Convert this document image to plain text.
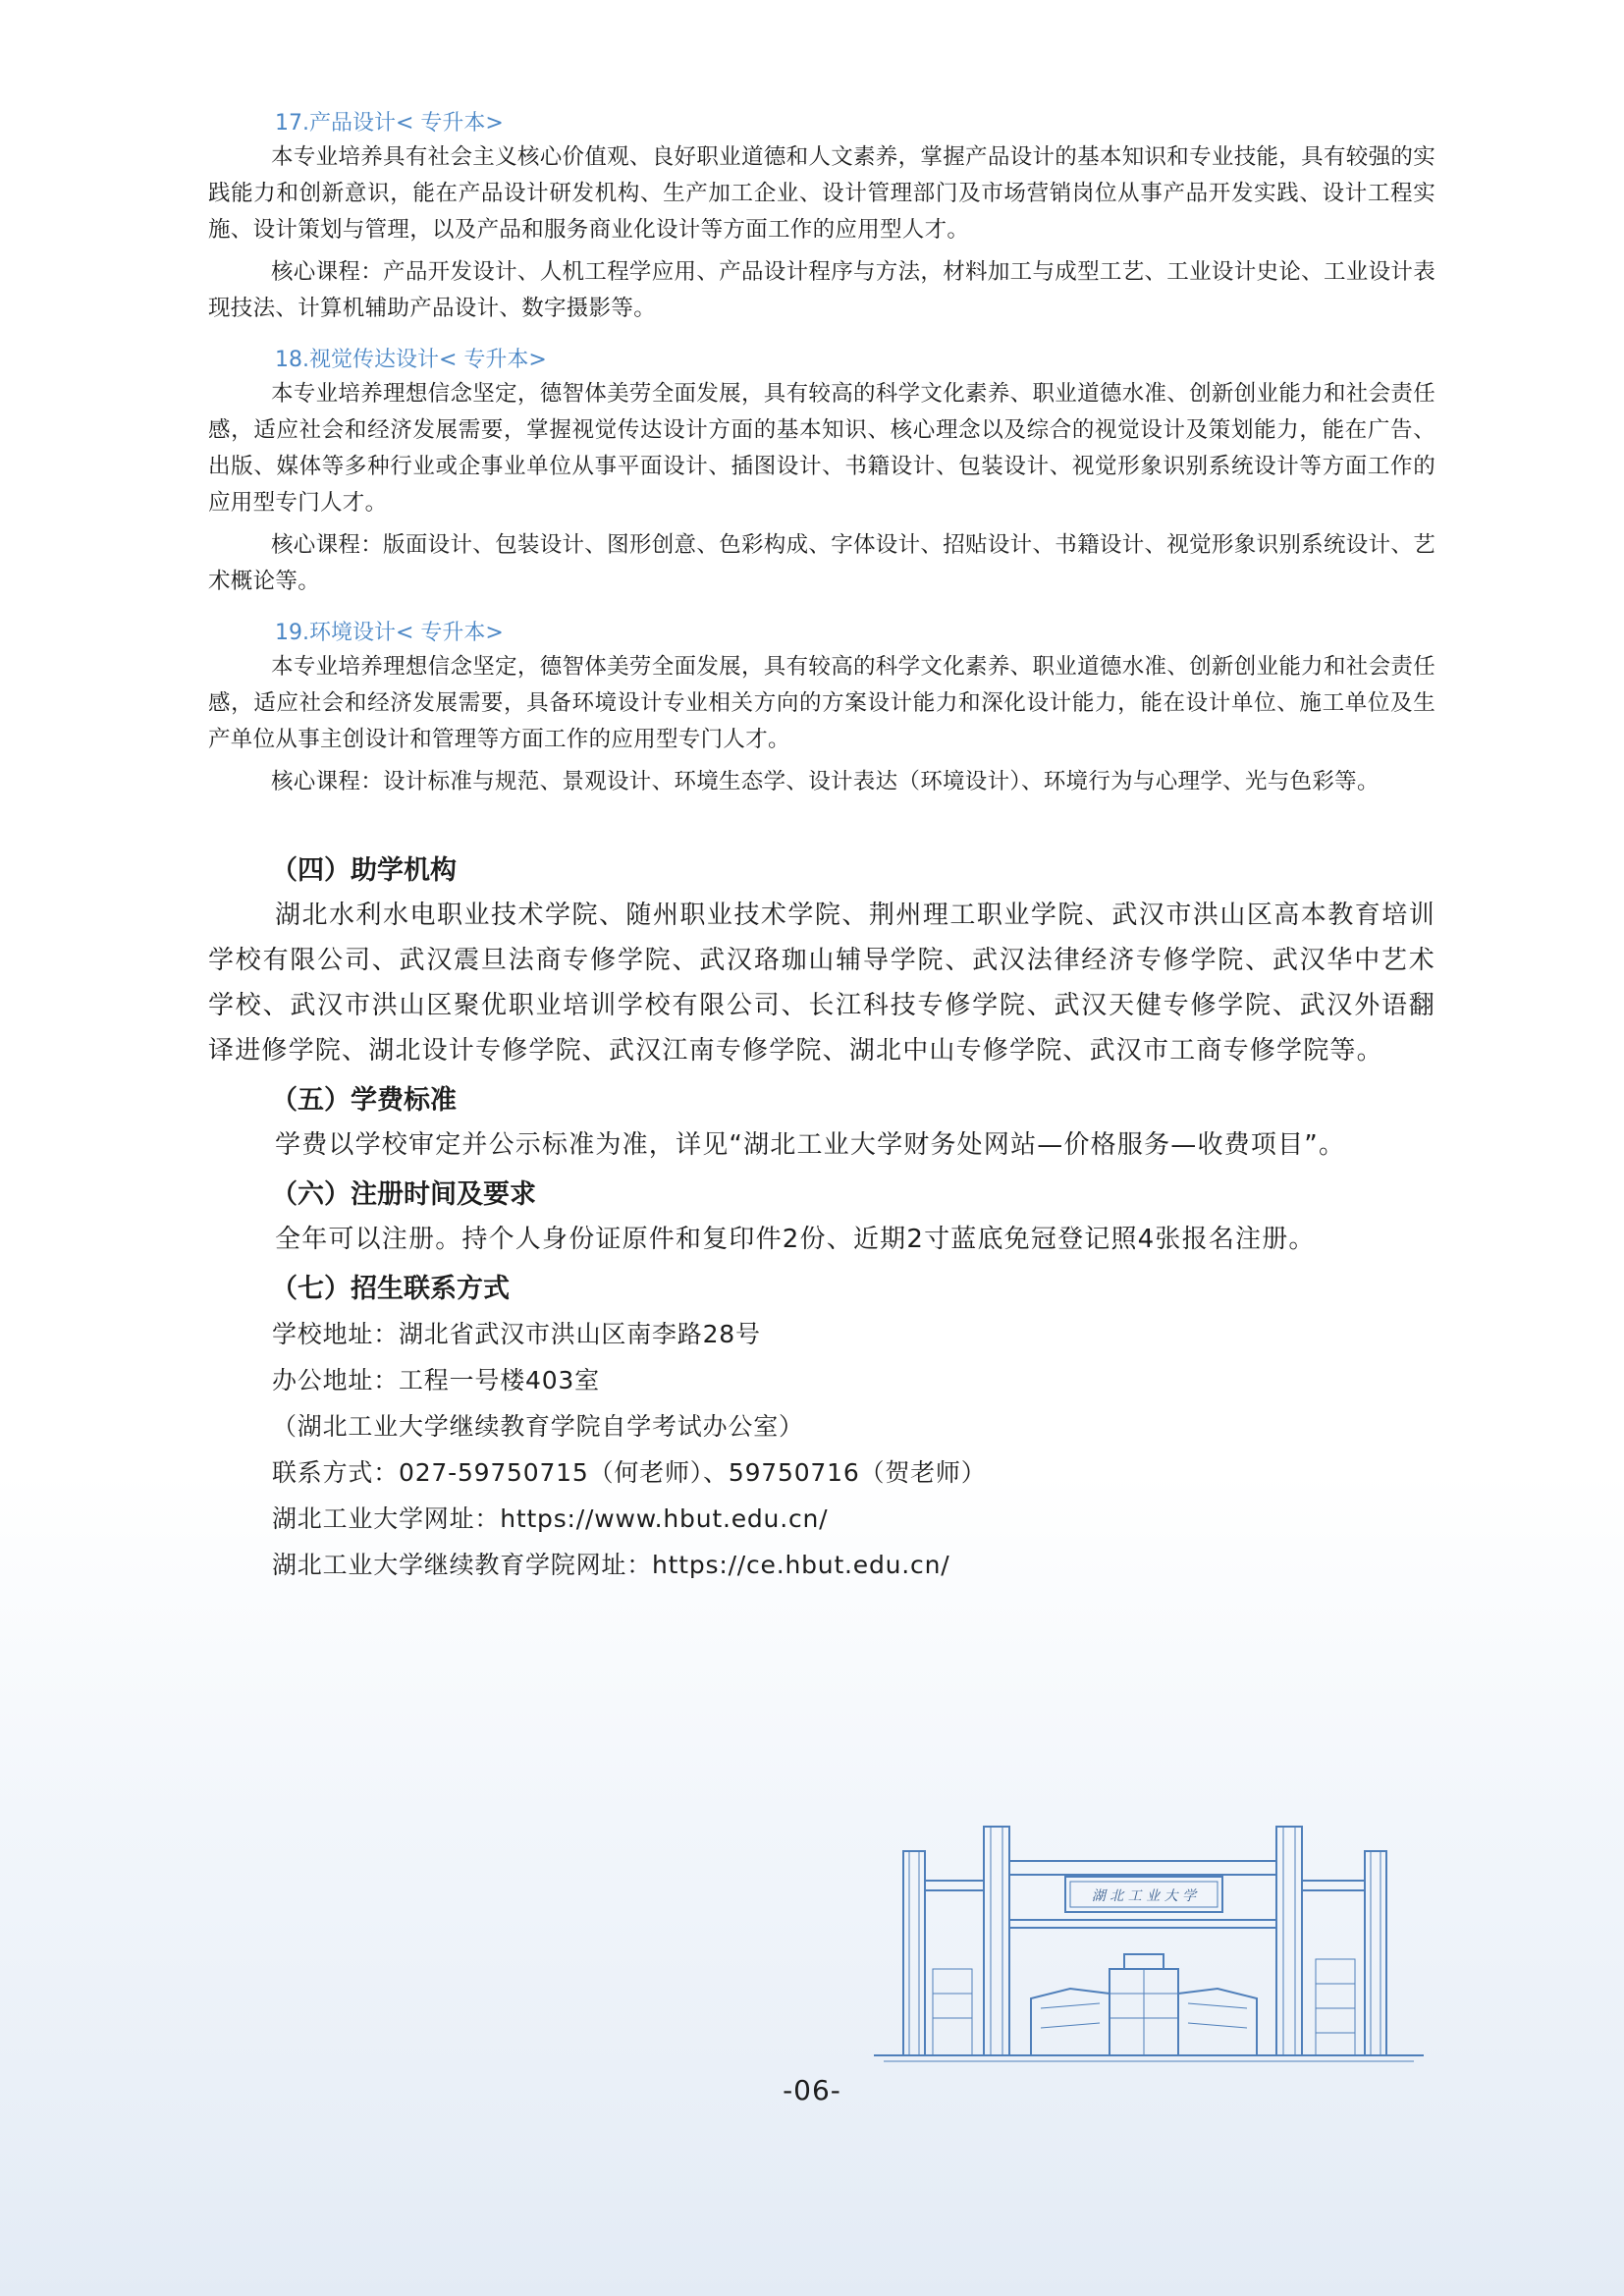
17.产品设计< 专升本>

本专业培养具有社会主义核心价值观、良好职业道德和人文素养，掌握产品设计的基本知识和专业技能，具有较强的实践能力和创新意识，能在产品设计研发机构、生产加工企业、设计管理部门及市场营销岗位从事产品开发实践、设计工程实施、设计策划与管理，以及产品和服务商业化设计等方面工作的应用型人才。

核心课程：产品开发设计、人机工程学应用、产品设计程序与方法，材料加工与成型工艺、工业设计史论、工业设计表现技法、计算机辅助产品设计、数字摄影等。

18.视觉传达设计< 专升本>

本专业培养理想信念坚定，德智体美劳全面发展，具有较高的科学文化素养、职业道德水准、创新创业能力和社会责任感，适应社会和经济发展需要，掌握视觉传达设计方面的基本知识、核心理念以及综合的视觉设计及策划能力，能在广告、出版、媒体等多种行业或企事业单位从事平面设计、插图设计、书籍设计、包装设计、视觉形象识别系统设计等方面工作的应用型专门人才。

核心课程：版面设计、包装设计、图形创意、色彩构成、字体设计、招贴设计、书籍设计、视觉形象识别系统设计、艺术概论等。

19.环境设计< 专升本>

本专业培养理想信念坚定，德智体美劳全面发展，具有较高的科学文化素养、职业道德水准、创新创业能力和社会责任感，适应社会和经济发展需要，具备环境设计专业相关方向的方案设计能力和深化设计能力，能在设计单位、施工单位及生产单位从事主创设计和管理等方面工作的应用型专门人才。

核心课程：设计标准与规范、景观设计、环境生态学、设计表达（环境设计）、环境行为与心理学、光与色彩等。

（四）助学机构

湖北水利水电职业技术学院、随州职业技术学院、荆州理工职业学院、武汉市洪山区高本教育培训学校有限公司、武汉震旦法商专修学院、武汉珞珈山辅导学院、武汉法律经济专修学院、武汉华中艺术学校、武汉市洪山区聚优职业培训学校有限公司、长江科技专修学院、武汉天健专修学院、武汉外语翻译进修学院、湖北设计专修学院、武汉江南专修学院、湖北中山专修学院、武汉市工商专修学院等。

（五）学费标准

学费以学校审定并公示标准为准，详见“湖北工业大学财务处网站—价格服务—收费项目”。

（六）注册时间及要求

全年可以注册。持个人身份证原件和复印件2份、近期2寸蓝底免冠登记照4张报名注册。

（七）招生联系方式
学校地址：湖北省武汉市洪山区南李路28号
办公地址：工程一号楼403室
（湖北工业大学继续教育学院自学考试办公室）
联系方式：027-59750715（何老师）、59750716（贺老师）
湖北工业大学网址：https://www.hbut.edu.cn/
湖北工业大学继续教育学院网址：https://ce.hbut.edu.cn/
湖 北 工 业 大 学
-06-
